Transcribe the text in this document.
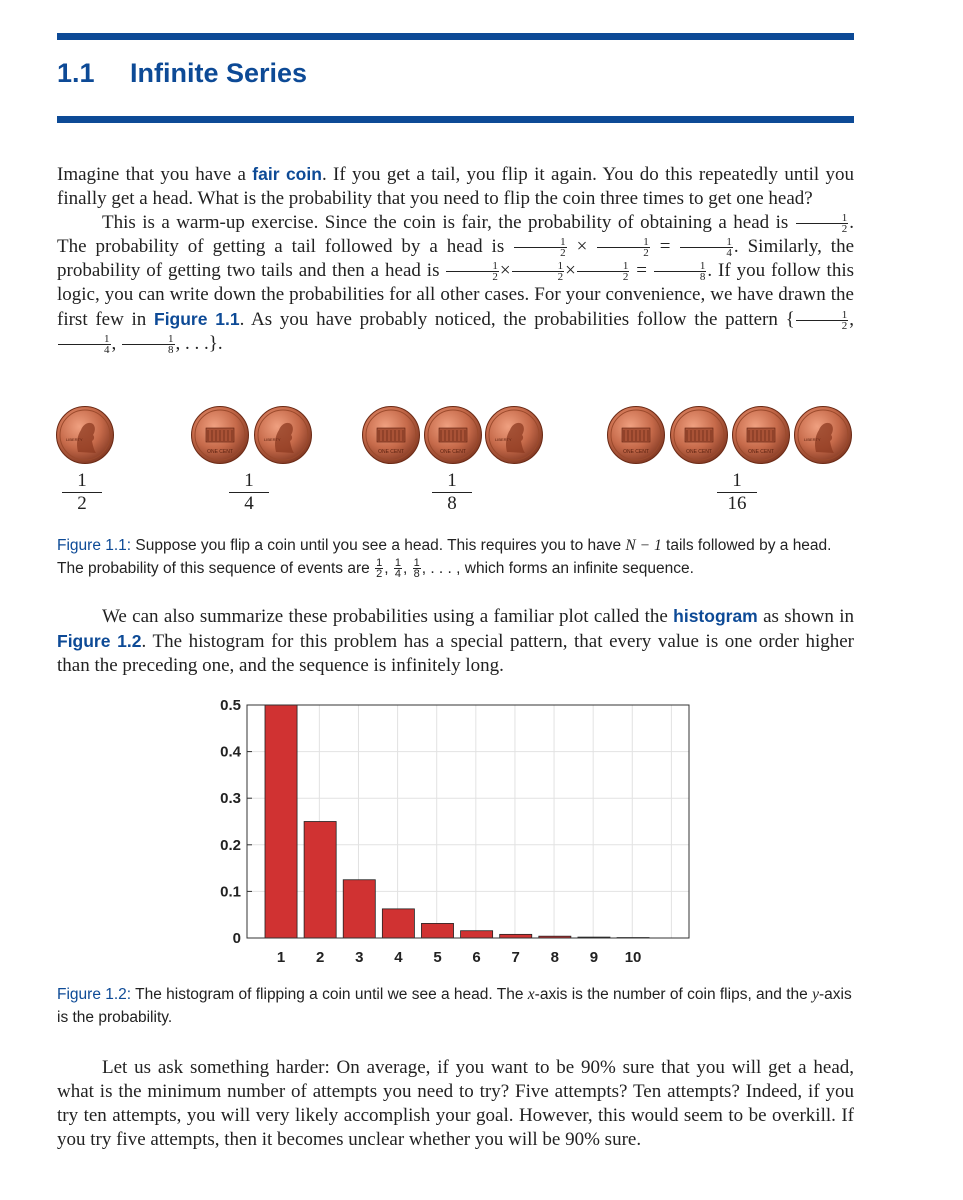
1.1 Infinite Series

Imagine that you have a fair coin. If you get a tail, you flip it again. You do this repeatedly until you finally get a head. What is the probability that you need to flip the coin three times to get one head?

This is a warm-up exercise. Since the coin is fair, the probability of obtaining a head is $\frac{1}{2}$ . The probability of getting a tail followed by a head is $\frac{1}{2} \times \frac{1}{2} = \frac{1}{4}$ . Similarly, the probability of getting two tails and then a head is $\frac{1}{2} \times \frac{1}{2} \times \frac{1}{2} = \frac{1}{8}$ . If you follow this logic, you can write down the probabilities for all other cases. For your convenience, we have drawn the first few in Figure 1.1. As you have probably noticed, the probabilities follow the pattern { $\frac{1}{2}$ ,
$\frac{1}{4}$ , $\frac{1}{8}$ , . . .}.

LIBERTY
ONE CENT
LIBERTY
ONE CENT	ONE CENT
LIBERTY
ONE CENT	ONE CENT	ONE CENT
LIBERTY
1
2
1
4
1
8
1
16
Figure 1.1: Suppose you flip a coin until you see a head. This requires you to have N − 1 tails followed by a head. The probability of this sequence of events are $\frac{1}{2}$ , $\frac{1}{4}$ , $\frac{1}{8}$ , . . . , which forms an infinite sequence.

We can also summarize these probabilities using a familiar plot called the histogram as shown in Figure 1.2. The histogram for this problem has a special pattern, that every value is one order higher than the preceding one, and the sequence is infinitely long.

0
0.1
0.2
0.3
0.4
0.5
1 2 3 4 5 6 7 8 9 10
Figure 1.2: The histogram of flipping a coin until we see a head. The x-axis is the number of coin flips, and the y-axis is the probability.

Let us ask something harder: On average, if you want to be 90% sure that you will get a head, what is the minimum number of attempts you need to try? Five attempts? Ten attempts? Indeed, if you try ten attempts, you will very likely accomplish your goal. However, this would seem to be overkill. If you try five attempts, then it becomes unclear whether you will be 90% sure.
